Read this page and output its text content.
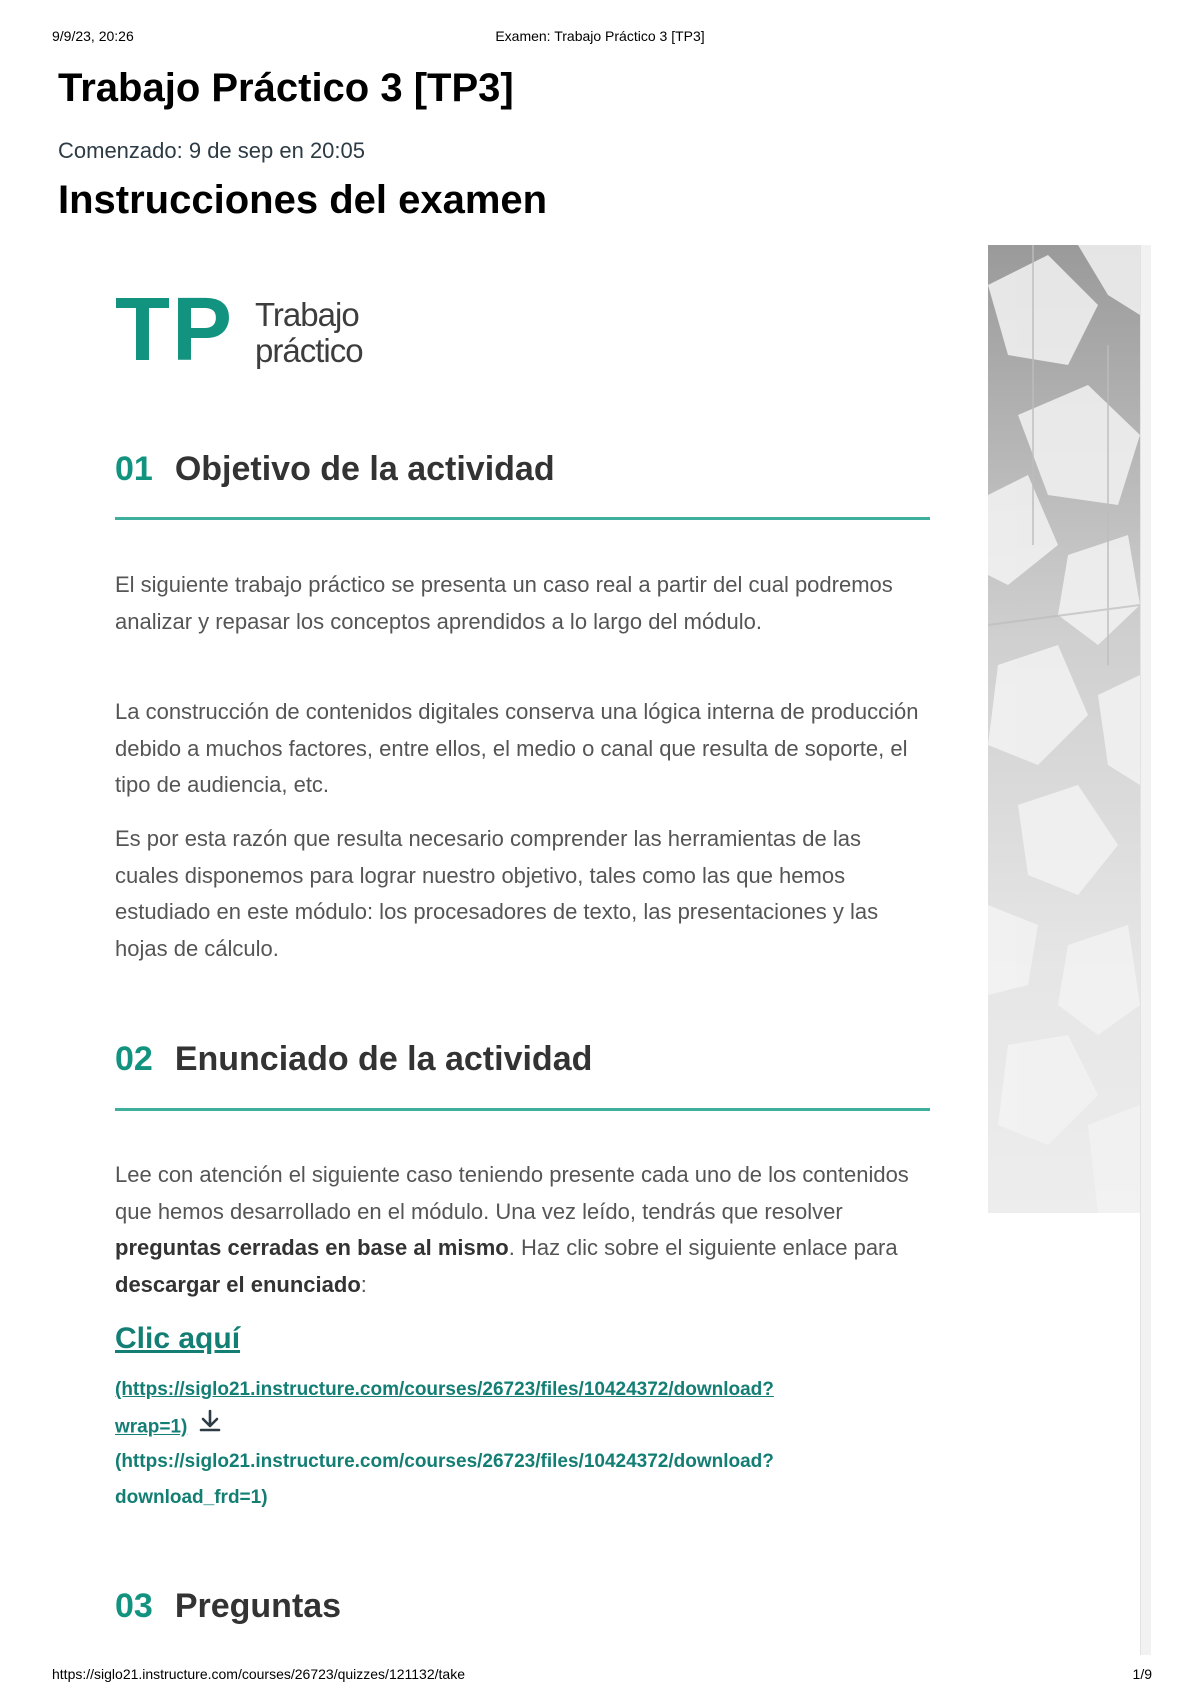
9/9/23, 20:26	Examen: Trabajo Práctico 3 [TP3]
Trabajo Práctico 3 [TP3]
Comenzado: 9 de sep en 20:05
Instrucciones del examen
TP Trabajo
práctico
01 Objetivo de la actividad

El siguiente trabajo práctico se presenta un caso real a partir del cual podremos analizar y repasar los conceptos aprendidos a lo largo del módulo.

La construcción de contenidos digitales conserva una lógica interna de producción debido a muchos factores, entre ellos, el medio o canal que resulta de soporte, el tipo de audiencia, etc.

Es por esta razón que resulta necesario comprender las herramientas de las cuales disponemos para lograr nuestro objetivo, tales como las que hemos estudiado en este módulo: los procesadores de texto, las presentaciones y las hojas de cálculo.

02 Enunciado de la actividad

Lee con atención el siguiente caso teniendo presente cada uno de los contenidos que hemos desarrollado en el módulo. Una vez leído, tendrás que resolver preguntas cerradas en base al mismo. Haz clic sobre el siguiente enlace para descargar el enunciado:

Clic aquí
(https://siglo21.instructure.com/courses/26723/files/10424372/download?
wrap=1)
(https://siglo21.instructure.com/courses/26723/files/10424372/download?
download_frd=1)
03 Preguntas
https://siglo21.instructure.com/courses/26723/quizzes/121132/take	1/9
